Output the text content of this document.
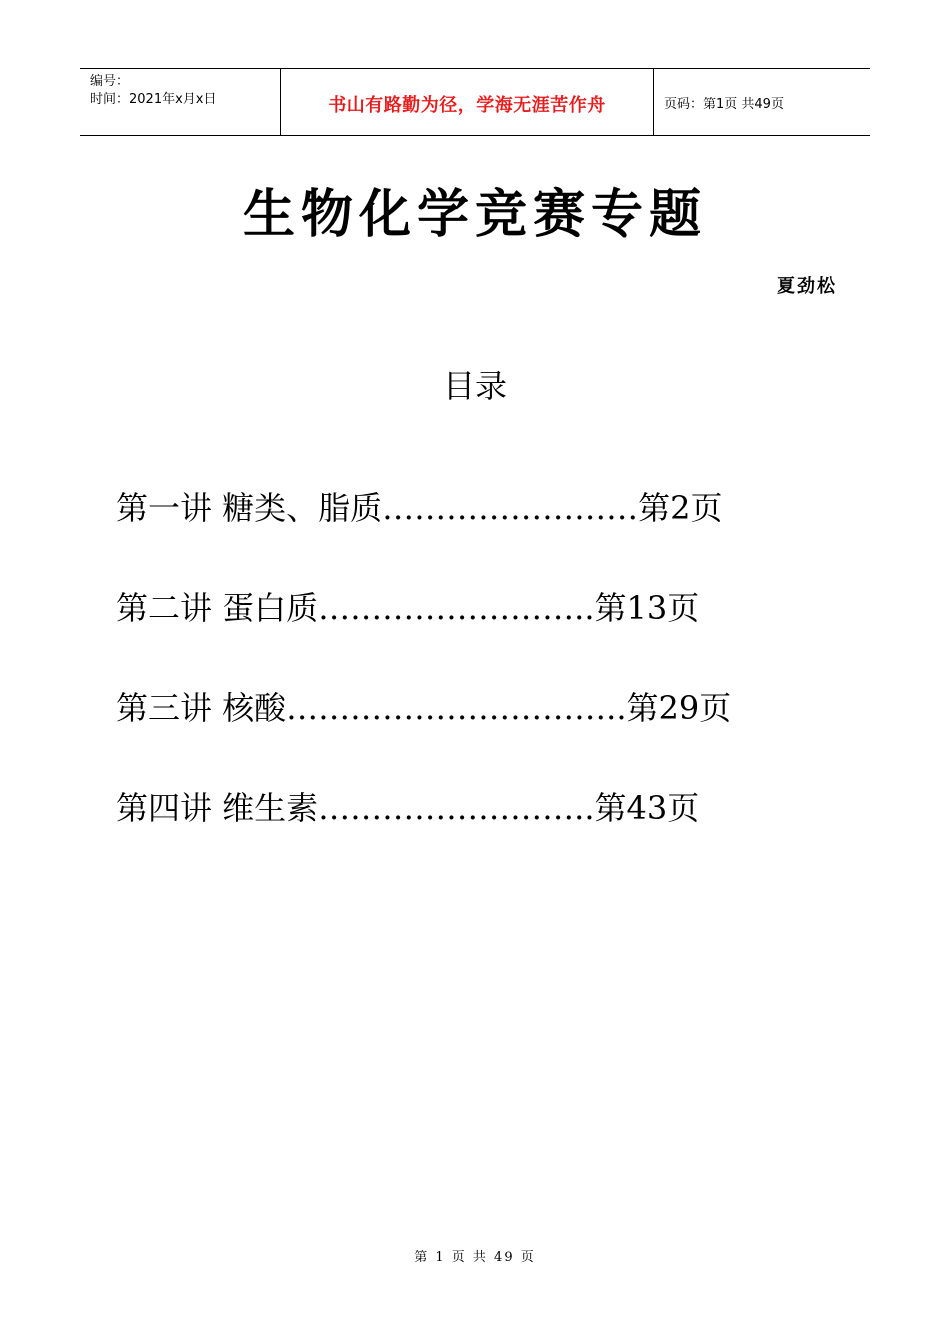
编号：
时间：2021年x月x日	书山有路勤为径，学海无涯苦作舟	页码：第1页 共49页
生物化学竞赛专题
夏劲松
目录
第一讲 糖类、脂质……………………第2页
第二讲 蛋白质……………………..第13页
第三讲 核酸…………………………..第29页
第四讲 维生素……………………..第43页
第 1 页 共 49 页
